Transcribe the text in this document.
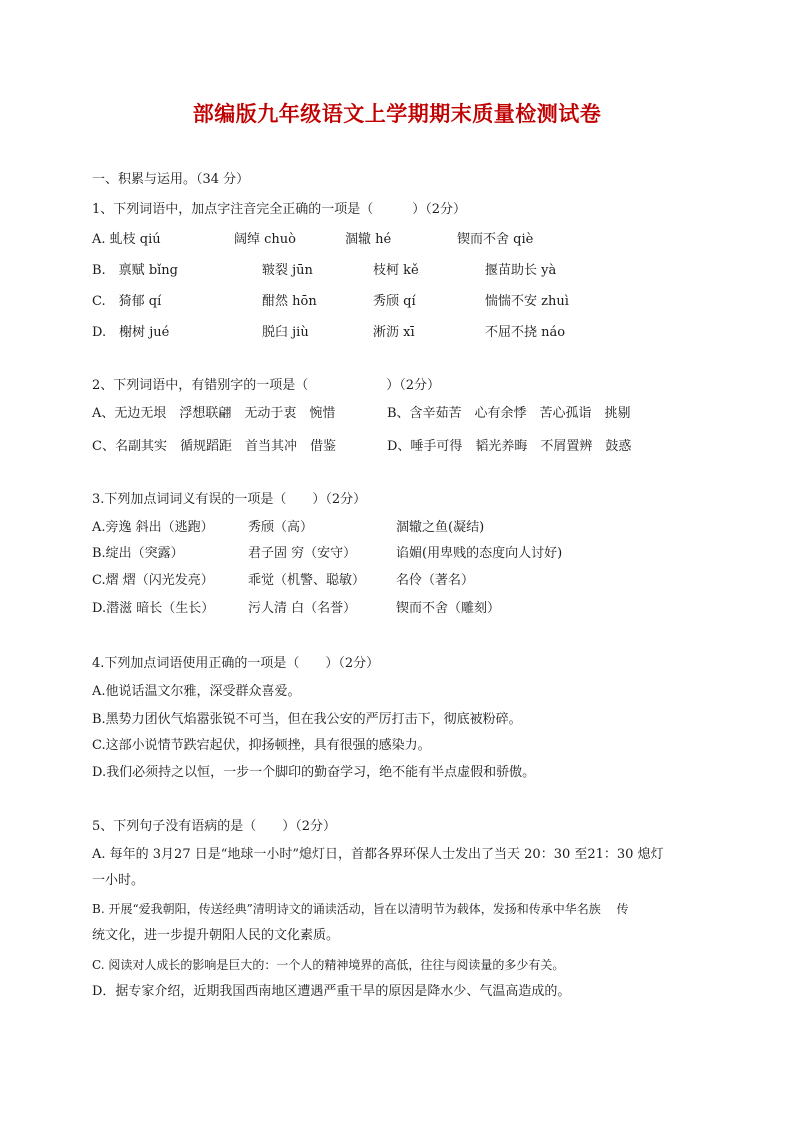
部编版九年级语文上学期期末质量检测试卷
一、积累与运用。（34 分）
1、下列词语中，加点字注音完全正确的一项是（　　　）（2分）
A. 虬枝 qiú	阔绰 chuò	涸辙 hé	锲而不舍 qiè
B.　禀赋 bǐng	皲裂 jūn	枝柯 kě	揠苗助长 yà
C.　猗郁 qí	酣然 hōn	秀颀 qí	惴惴不安 zhuì
D.　榭树 jué	脱臼 jiù	淅沥 xī	不屈不挠 náo
2、下列词语中，有错别字的一项是（　　　　　　）（2分）
A、无边无垠　浮想联翩　无动于衷　惋惜	B、含辛茹苦　心有余悸　苦心孤诣　挑剔
C、名副其实　循规蹈距　首当其冲　借鉴	D、唾手可得　韬光养晦　不屑置辨　鼓惑
3.下列加点词词义有误的一项是（　　）（2分）
A.旁逸 斜出（逃跑）	秀颀（高）	涸辙之鱼(凝结)
B.绽出（突露）	君子固 穷（安守）	谄媚(用卑贱的态度向人讨好)
C.熠 熠（闪光发亮）	乖觉（机警、聪敏） 名伶（著名）
D.潜滋 暗长（生长）	污人清 白（名誉）	锲而不舍（雕刻）
4.下列加点词语使用正确的一项是（　　）（2分）
A.他说话温文尔雅，深受群众喜爱。
B.黑势力团伙气焰嚣张锐不可当，但在我公安的严厉打击下，彻底被粉碎。
C.这部小说情节跌宕起伏，抑扬顿挫，具有很强的感染力。
D.我们必须持之以恒，一步一个脚印的勤奋学习，绝不能有半点虚假和骄傲。
5、下列句子没有语病的是（　　）（2分）
A. 每年的 3月27 日是“地球一小时”熄灯日，首都各界环保人士发出了当天 20：30 至21：30 熄灯
一小时。
B. 开展“爱我朝阳，传送经典”清明诗文的诵读活动，旨在以清明节为载体，发扬和传承中华名族　 传
统文化，进一步提升朝阳人民的文化素质。
C. 阅读对人成长的影响是巨大的：一个人的精神境界的高低，往往与阅读量的多少有关。
D．据专家介绍，近期我国西南地区遭遇严重干旱的原因是降水少、气温高造成的。
